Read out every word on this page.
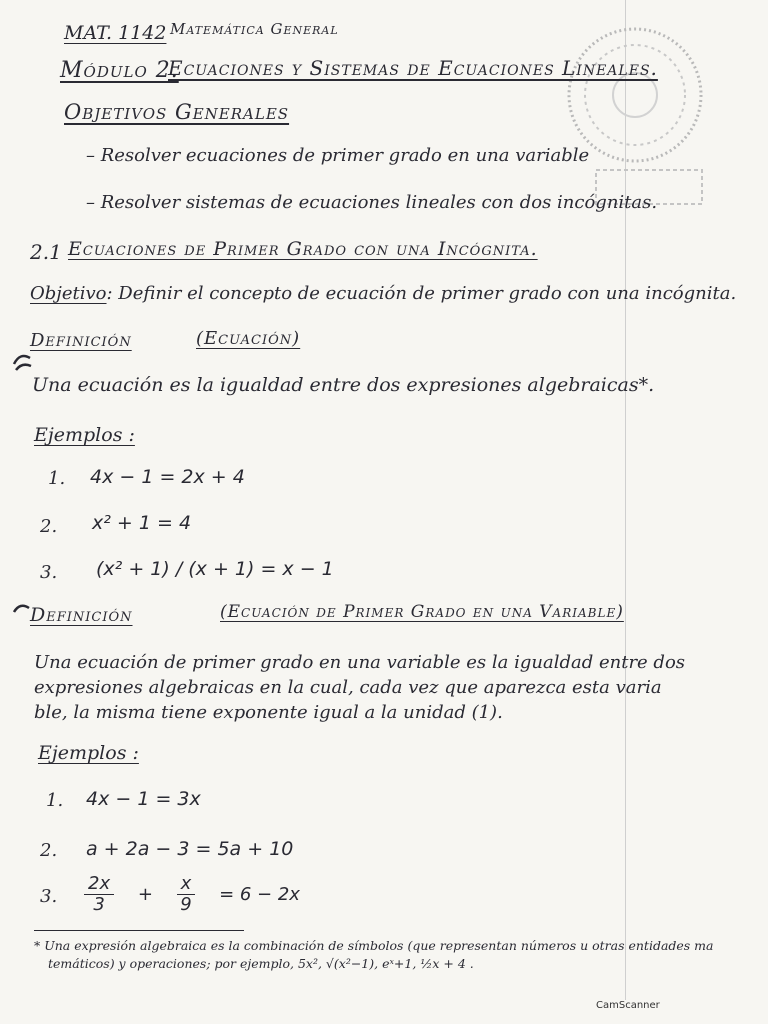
MAT. 1142 Matemática General
Módulo 2.
Ecuaciones y Sistemas de Ecuaciones Lineales.
Objetivos Generales
– Resolver ecuaciones de primer grado en una variable
– Resolver sistemas de ecuaciones lineales con dos incógnitas.
2.1 Ecuaciones de Primer Grado con una Incógnita.
Objetivo: Definir el concepto de ecuación de primer grado con una incógnita.
Definición	(Ecuación)
Una ecuación es la igualdad entre dos expresiones algebraicas*.
Ejemplos :
1. 4x − 1 = 2x + 4
2. x² + 1 = 4
3. (x² + 1) / (x + 1) = x − 1
Definición	(Ecuación de Primer Grado en una Variable)
Una ecuación de primer grado en una variable es la igualdad entre dos
expresiones algebraicas en la cual, cada vez que aparezca esta varia
ble, la misma tiene exponente igual a la unidad (1).
Ejemplos :
1. 4x − 1 = 3x
2. a + 2a − 3 = 5a + 10
3. $\frac{2x}{3} + \frac{x}{9} = 6 - 2x$
* Una expresión algebraica es la combinación de símbolos (que representan números u otras entidades ma
temáticos) y operaciones; por ejemplo, 5x², √(x²−1), eˣ+1, ½x + 4 .
CamScanner
